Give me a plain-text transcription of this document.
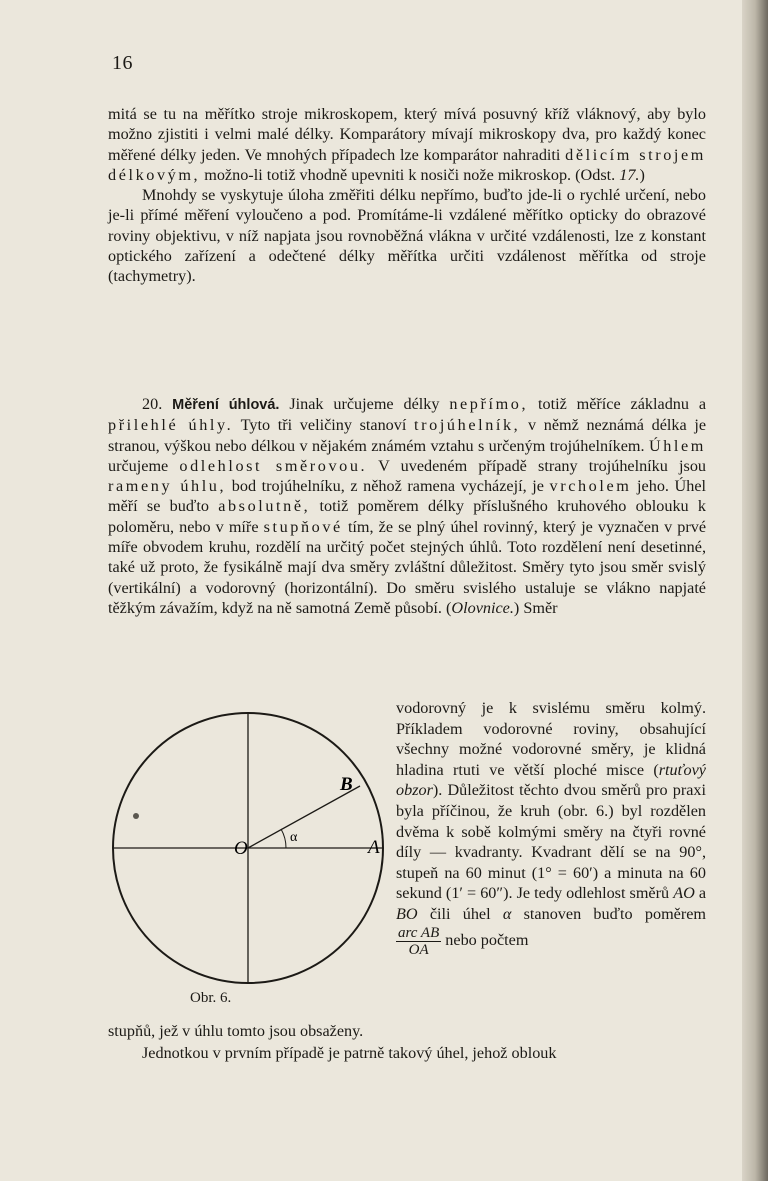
16

mitá se tu na měřítko stroje mikroskopem, který mívá posuvný kříž vláknový, aby bylo možno zjistiti i velmi malé délky. Komparátory mívají mikroskopy dva, pro každý konec měřené délky jeden. Ve mnohých případech lze komparátor nahraditi dělicím strojem délkovým, možno-li totiž vhodně upevniti k nosiči nože mikroskop. (Odst. 17.)

Mnohdy se vyskytuje úloha změřiti délku nepřímo, buďto jde-li o rychlé určení, nebo je-li přímé měření vyloučeno a pod. Promítáme-li vzdálené měřítko opticky do obrazové roviny objektivu, v níž napjata jsou rovnoběžná vlákna v určité vzdálenosti, lze z konstant optického zařízení a odečtené délky měřítka určiti vzdálenost měřítka od stroje (tachymetry).

20. Měření úhlová. Jinak určujeme délky nepřímo, totiž měříce základnu a přilehlé úhly. Tyto tři veličiny stanoví trojúhelník, v němž neznámá délka je stranou, výškou nebo délkou v nějakém známém vztahu s určeným trojúhelníkem. Úhlem určujeme odlehlost směrovou. V uvedeném případě strany trojúhelníku jsou rameny úhlu, bod trojúhelníku, z něhož ramena vycházejí, je vrcholem jeho. Úhel měří se buďto absolutně, totiž poměrem délky příslušného kruhového oblouku k poloměru, nebo v míře stupňové tím, že se plný úhel rovinný, který je vyznačen v prvé míře obvodem kruhu, rozdělí na určitý počet stejných úhlů. Toto rozdělení není desetinné, také už proto, že fysikálně mají dva směry zvláštní důležitost. Směry tyto jsou směr svislý (vertikální) a vodorovný (horizontální). Do směru svislého ustaluje se vlákno napjaté těžkým závažím, když na ně samotná Země působí. (Olovnice.) Směr

O	A
B
α
Obr. 6.

vodorovný je k svislému směru kolmý. Příkladem vodorovné roviny, obsahující všechny možné vodorovné směry, je klidná hladina rtuti ve větší ploché misce (rtuťový obzor). Důležitost těchto dvou směrů pro praxi byla příčinou, že kruh (obr. 6.) byl rozdělen dvěma k sobě kolmými směry na čtyři rovné díly — kvadranty. Kvadrant dělí se na 90°, stupeň na 60 minut (1° = 60′) a minuta na 60 sekund (1′ = 60″). Je tedy odlehlost směrů AO a BO čili úhel α stanoven buďto poměrem
$\frac{\text{arc AB}}{OA}$ nebo počtem

stupňů, jež v úhlu tomto jsou obsaženy.

Jednotkou v prvním případě je patrně takový úhel, jehož oblouk
